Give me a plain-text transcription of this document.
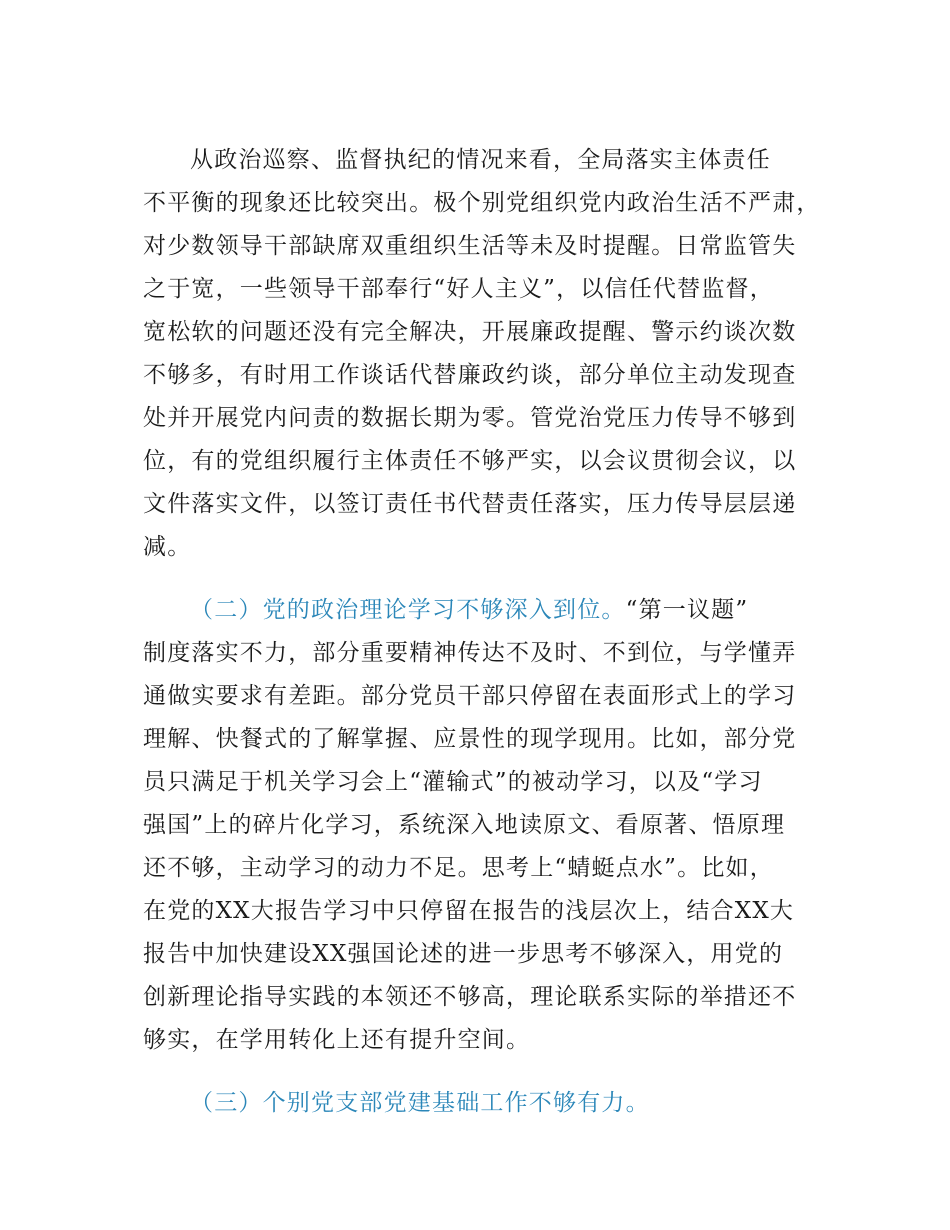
从政治巡察、监督执纪的情况来看，全局落实主体责任
不平衡的现象还比较突出。极个别党组织党内政治生活不严肃，
对少数领导干部缺席双重组织生活等未及时提醒。日常监管失
之于宽，一些领导干部奉行“好人主义”，以信任代替监督，
宽松软的问题还没有完全解决，开展廉政提醒、警示约谈次数
不够多，有时用工作谈话代替廉政约谈，部分单位主动发现查
处并开展党内问责的数据长期为零。管党治党压力传导不够到
位，有的党组织履行主体责任不够严实，以会议贯彻会议，以
文件落实文件，以签订责任书代替责任落实，压力传导层层递
减。
（二）党的政治理论学习不够深入到位。“第一议题”
制度落实不力，部分重要精神传达不及时、不到位，与学懂弄
通做实要求有差距。部分党员干部只停留在表面形式上的学习
理解、快餐式的了解掌握、应景性的现学现用。比如，部分党
员只满足于机关学习会上“灌输式”的被动学习，以及“学习
强国”上的碎片化学习，系统深入地读原文、看原著、悟原理
还不够，主动学习的动力不足。思考上“蜻蜓点水”。比如，
在党的XX大报告学习中只停留在报告的浅层次上，结合XX大
报告中加快建设XX强国论述的进一步思考不够深入，用党的
创新理论指导实践的本领还不够高，理论联系实际的举措还不
够实，在学用转化上还有提升空间。
（三）个别党支部党建基础工作不够有力。
